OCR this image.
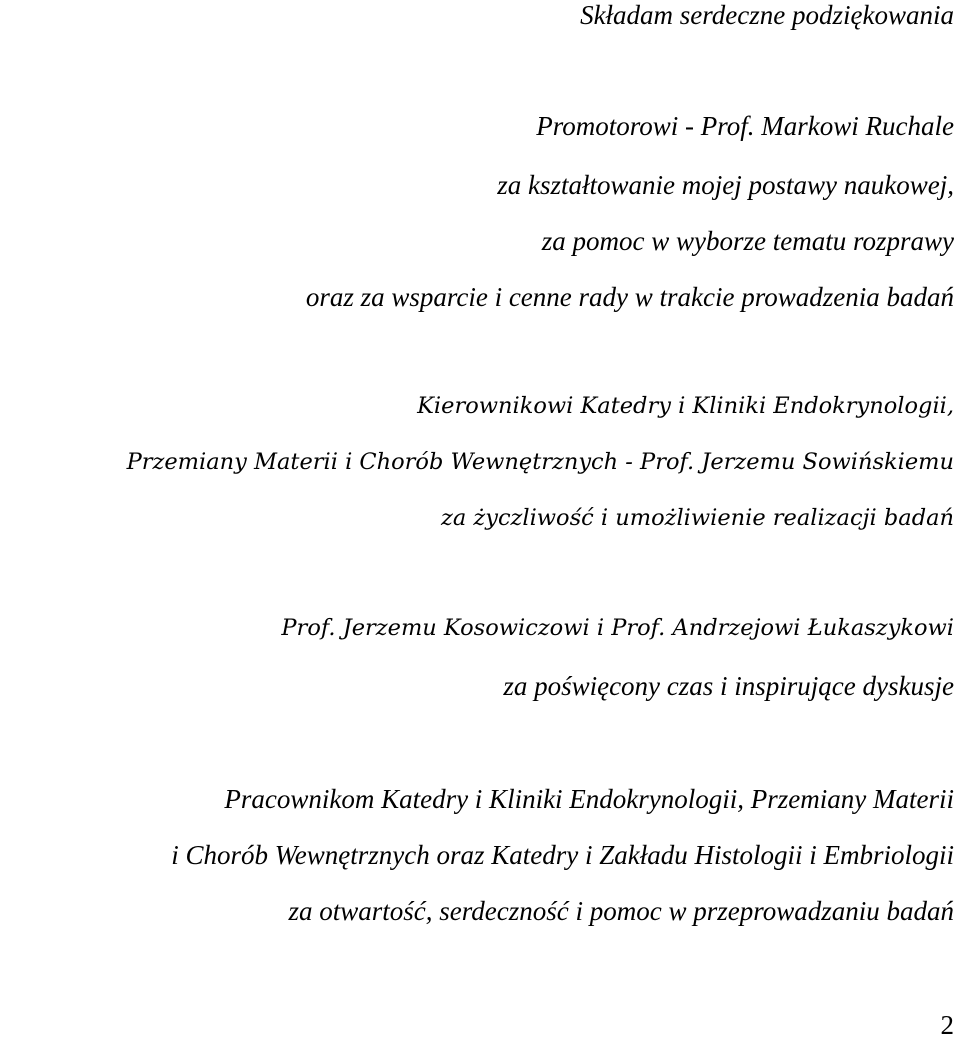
Składam serdeczne podziękowania
Promotorowi - Prof. Markowi Ruchale
za kształtowanie mojej postawy naukowej,
za pomoc w wyborze tematu rozprawy
oraz za wsparcie i cenne rady w trakcie prowadzenia badań
Kierownikowi Katedry i Kliniki Endokrynologii,
Przemiany Materii i Chorób Wewnętrznych - Prof. Jerzemu Sowińskiemu
za życzliwość i umożliwienie realizacji badań
Prof. Jerzemu Kosowiczowi i Prof. Andrzejowi Łukaszykowi
za poświęcony czas i inspirujące dyskusje
Pracownikom Katedry i Kliniki Endokrynologii, Przemiany Materii
i Chorób Wewnętrznych oraz Katedry i Zakładu Histologii i Embriologii
za otwartość, serdeczność i pomoc w przeprowadzaniu badań
2
